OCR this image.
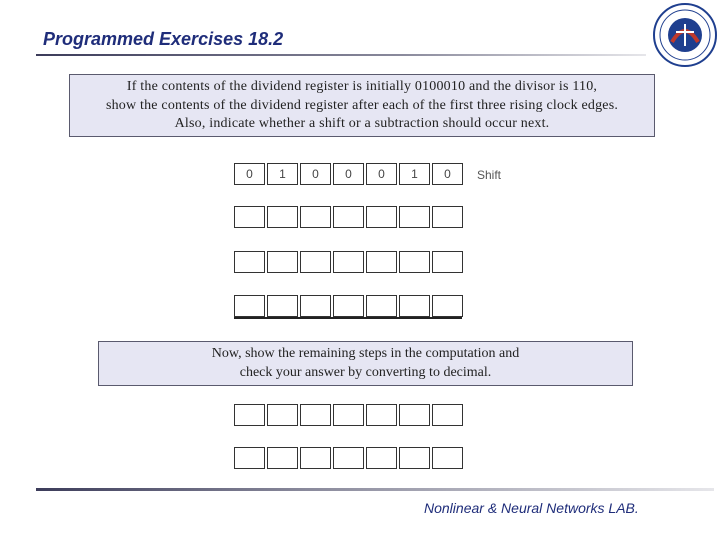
Programmed Exercises 18.2
If the contents of the dividend register is initially 0100010 and the divisor is 110,
show the contents of the dividend register after each of the first three rising clock edges.
Also, indicate whether a shift or a subtraction should occur next.
0	1	0	0	0	1	0	Shift
Now, show the remaining steps in the computation and
check your answer by converting to decimal.
Nonlinear & Neural Networks LAB.
